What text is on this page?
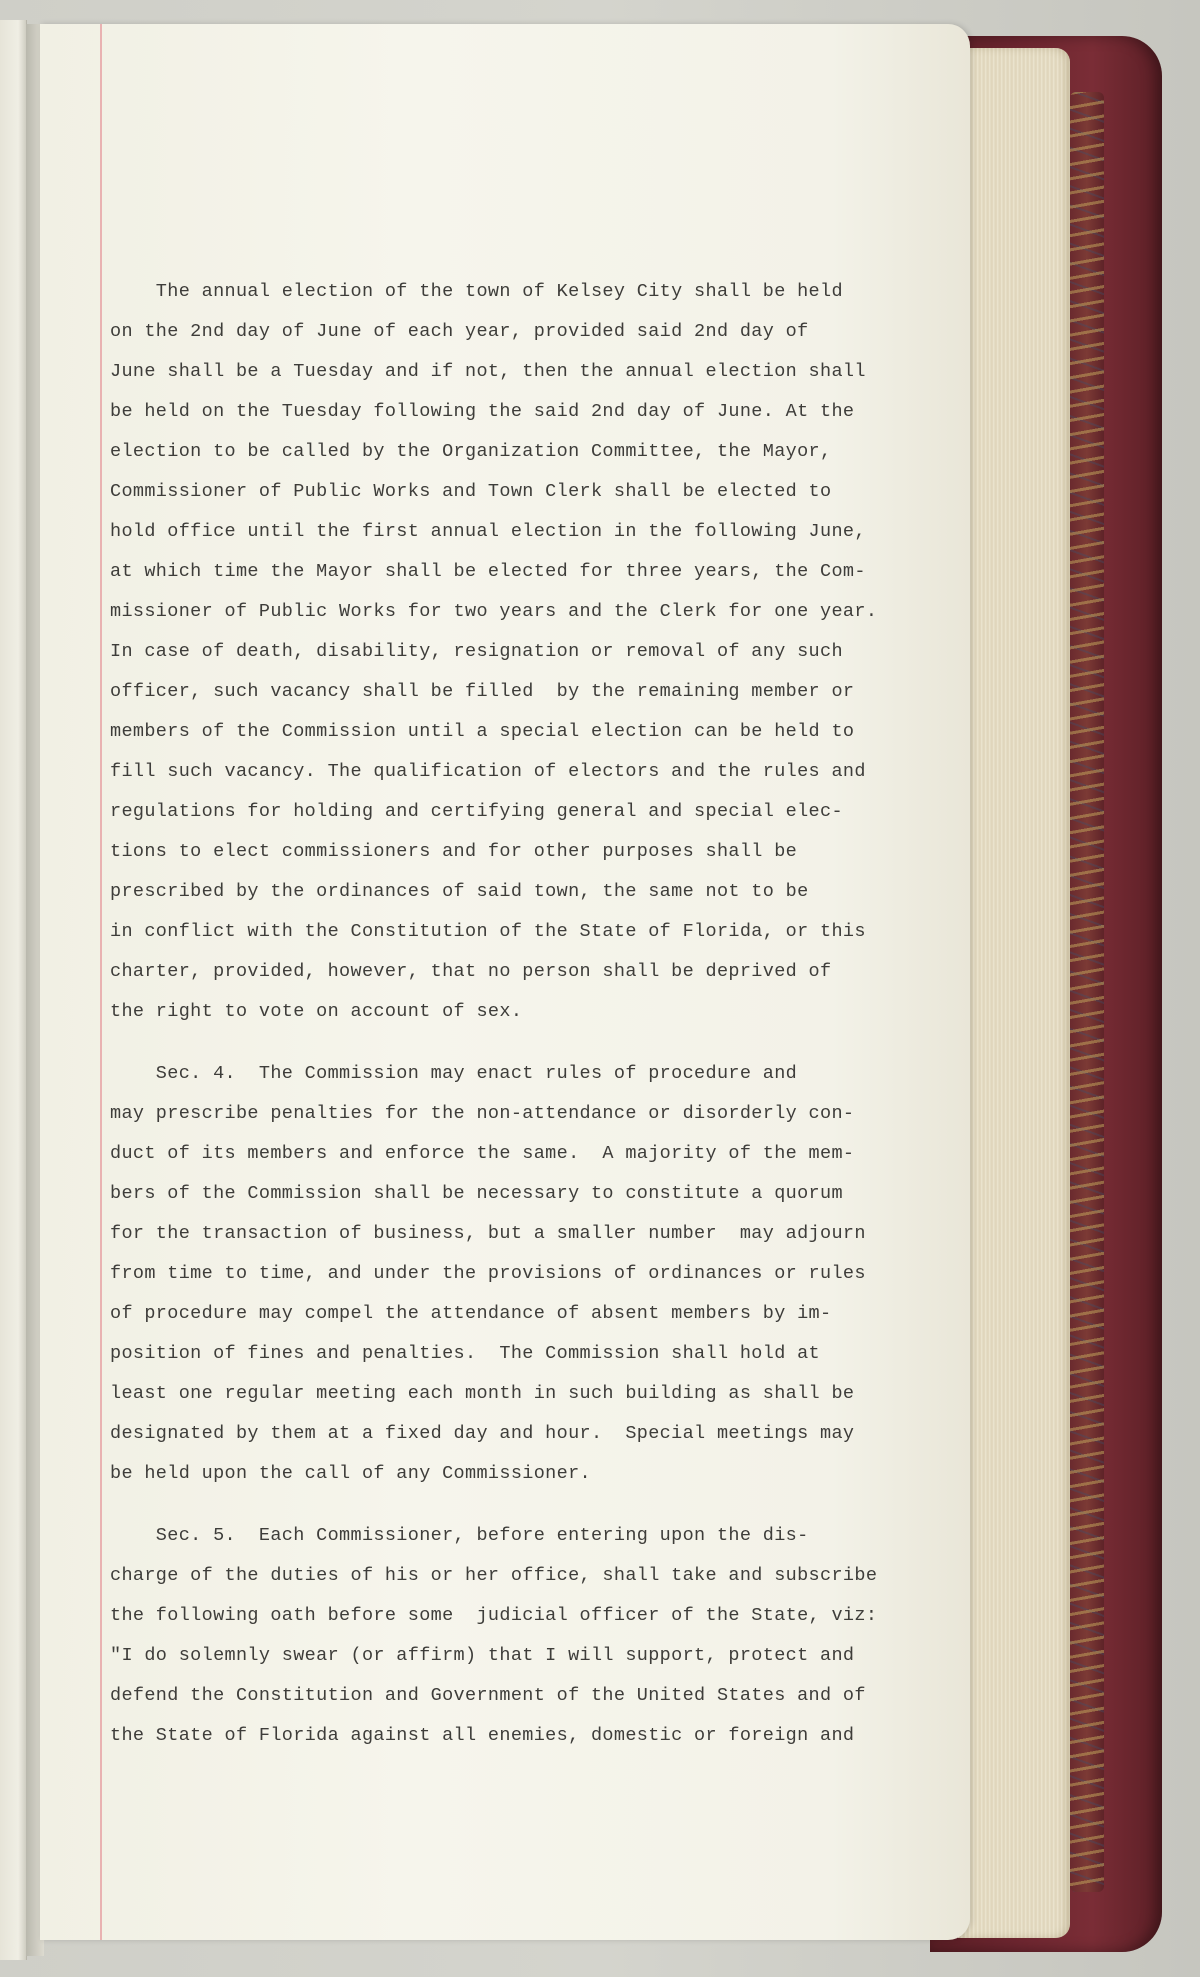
The annual election of the town of Kelsey City shall be held
on the 2nd day of June of each year, provided said 2nd day of
June shall be a Tuesday and if not, then the annual election shall
be held on the Tuesday following the said 2nd day of June. At the
election to be called by the Organization Committee, the Mayor,
Commissioner of Public Works and Town Clerk shall be elected to
hold office until the first annual election in the following June,
at which time the Mayor shall be elected for three years, the Com-
missioner of Public Works for two years and the Clerk for one year.
In case of death, disability, resignation or removal of any such
officer, such vacancy shall be filled  by the remaining member or
members of the Commission until a special election can be held to
fill such vacancy. The qualification of electors and the rules and
regulations for holding and certifying general and special elec-
tions to elect commissioners and for other purposes shall be
prescribed by the ordinances of said town, the same not to be
in conflict with the Constitution of the State of Florida, or this
charter, provided, however, that no person shall be deprived of
the right to vote on account of sex.
Sec. 4.  The Commission may enact rules of procedure and
may prescribe penalties for the non-attendance or disorderly con-
duct of its members and enforce the same.  A majority of the mem-
bers of the Commission shall be necessary to constitute a quorum
for the transaction of business, but a smaller number  may adjourn
from time to time, and under the provisions of ordinances or rules
of procedure may compel the attendance of absent members by im-
position of fines and penalties.  The Commission shall hold at
least one regular meeting each month in such building as shall be
designated by them at a fixed day and hour.  Special meetings may
be held upon the call of any Commissioner.
Sec. 5.  Each Commissioner, before entering upon the dis-
charge of the duties of his or her office, shall take and subscribe
the following oath before some  judicial officer of the State, viz:
"I do solemnly swear (or affirm) that I will support, protect and
defend the Constitution and Government of the United States and of
the State of Florida against all enemies, domestic or foreign and
